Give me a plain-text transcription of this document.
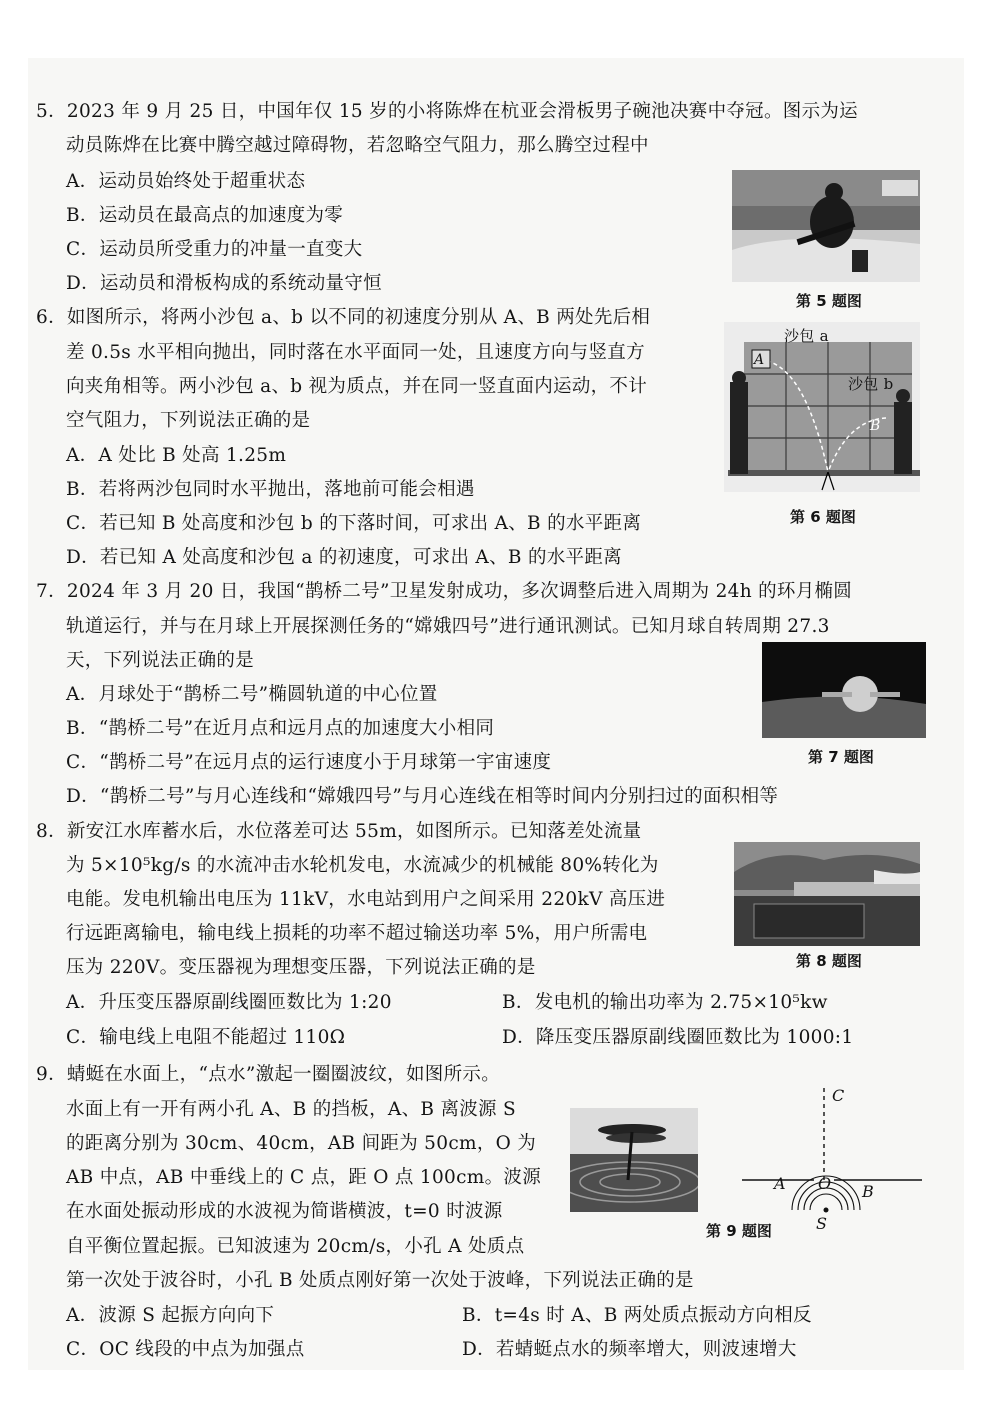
5．2023 年 9 月 25 日，中国年仅 15 岁的小将陈烨在杭亚会滑板男子碗池决赛中夺冠。图示为运
动员陈烨在比赛中腾空越过障碍物，若忽略空气阻力，那么腾空过程中
A．运动员始终处于超重状态
B．运动员在最高点的加速度为零
C．运动员所受重力的冲量一直变大
D．运动员和滑板构成的系统动量守恒
第 5 题图
6．如图所示，将两小沙包 a、b 以不同的初速度分别从 A、B 两处先后相
差 0.5s 水平相向抛出，同时落在水平面同一处，且速度方向与竖直方
向夹角相等。两小沙包 a、b 视为质点，并在同一竖直面内运动，不计
空气阻力，下列说法正确的是
A．A 处比 B 处高 1.25m
B．若将两沙包同时水平抛出，落地前可能会相遇
C．若已知 B 处高度和沙包 b 的下落时间，可求出 A、B 的水平距离
D．若已知 A 处高度和沙包 a 的初速度，可求出 A、B 的水平距离
沙包 a
沙包 b
A
B
第 6 题图
7．2024 年 3 月 20 日，我国“鹊桥二号”卫星发射成功，多次调整后进入周期为 24h 的环月椭圆
轨道运行，并与在月球上开展探测任务的“嫦娥四号”进行通讯测试。已知月球自转周期 27.3
天，下列说法正确的是
A．月球处于“鹊桥二号”椭圆轨道的中心位置
B．“鹊桥二号”在近月点和远月点的加速度大小相同
C．“鹊桥二号”在远月点的运行速度小于月球第一宇宙速度
D．“鹊桥二号”与月心连线和“嫦娥四号”与月心连线在相等时间内分别扫过的面积相等
第 7 题图
8．新安江水库蓄水后，水位落差可达 55m，如图所示。已知落差处流量
为 5×10⁵kg/s 的水流冲击水轮机发电，水流减少的机械能 80%转化为
电能。发电机输出电压为 11kV，水电站到用户之间采用 220kV 高压进
行远距离输电，输电线上损耗的功率不超过输送功率 5%，用户所需电
压为 220V。变压器视为理想变压器，下列说法正确的是
A．升压变压器原副线圈匝数比为 1:20	B．发电机的输出功率为 2.75×10⁵kw
C．输电线上电阻不能超过 110Ω	D．降压变压器原副线圈匝数比为 1000:1
第 8 题图
9．蜻蜓在水面上，“点水”激起一圈圈波纹，如图所示。
水面上有一开有两小孔 A、B 的挡板，A、B 离波源 S
的距离分别为 30cm、40cm，AB 间距为 50cm，O 为
AB 中点，AB 中垂线上的 C 点，距 O 点 100cm。波源
在水面处振动形成的水波视为简谐横波，t=0 时波源
自平衡位置起振。已知波速为 20cm/s，小孔 A 处质点
第一次处于波谷时，小孔 B 处质点刚好第一次处于波峰，下列说法正确的是
A．波源 S 起振方向向下	B．t=4s 时 A、B 两处质点振动方向相反
C．OC 线段的中点为加强点	D．若蜻蜓点水的频率增大，则波速增大
C
A O B
S
第 9 题图
